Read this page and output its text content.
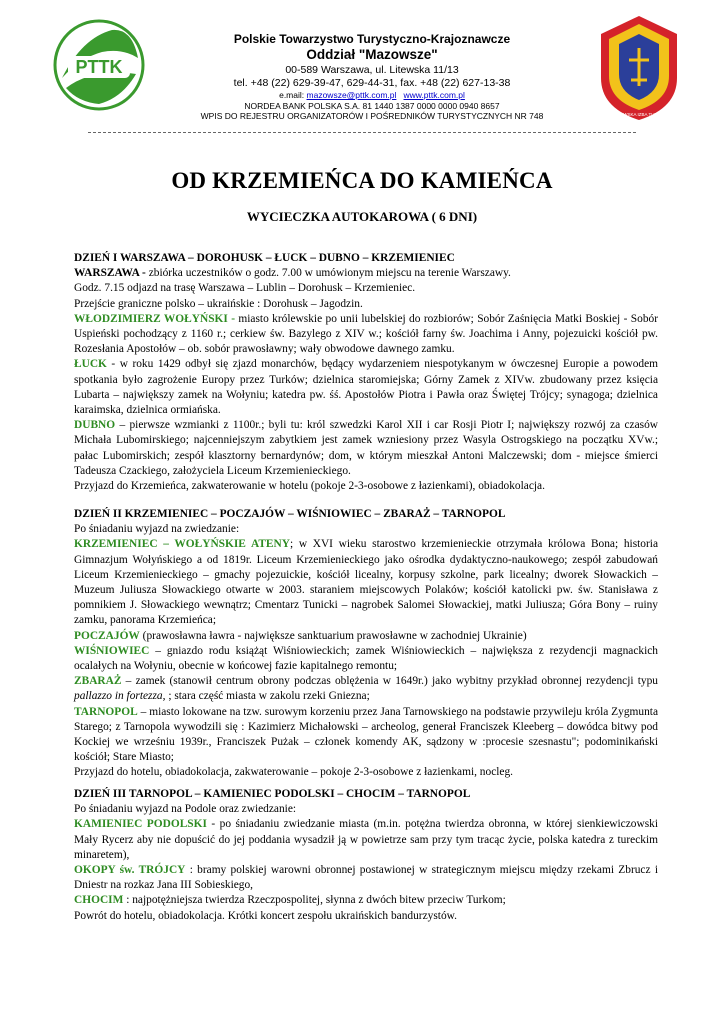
PTTK
WARSZAWSKA IZBA TURYSTYKI
Polskie Towarzystwo Turystyczno-Krajoznawcze
Oddział "Mazowsze"
00-589 Warszawa, ul. Litewska 11/13
tel. +48 (22) 629-39-47, 629-44-31, fax. +48 (22) 627-13-38
e.mail: mazowsze@pttk.com.pl www.pttk.com.pl
NORDEA BANK POLSKA S.A. 81 1440 1387 0000 0000 0940 8657
WPIS DO REJESTRU ORGANIZATORÓW I POŚREDNIKÓW TURYSTYCZNYCH NR 748
OD KRZEMIEŃCA DO KAMIEŃCA
WYCIECZKA AUTOKAROWA ( 6 DNI)

DZIEŃ I WARSZAWA – DOROHUSK – ŁUCK – DUBNO – KRZEMIENIEC

WARSZAWA - zbiórka uczestników o godz. 7.00 w umówionym miejscu na terenie Warszawy.

Godz. 7.15 odjazd na trasę Warszawa – Lublin – Dorohusk – Krzemieniec.

Przejście graniczne polsko – ukraińskie : Dorohusk – Jagodzin.

WŁODZIMIERZ WOŁYŃSKI - miasto królewskie po unii lubelskiej do rozbiorów; Sobór Zaśnięcia Matki Boskiej - Sobór Uspieński pochodzący z 1160 r.; cerkiew św. Bazylego z XIV w.; kościół farny św. Joachima i Anny, pojezuicki kościół pw. Rozesłania Apostołów – ob. sobór prawosławny; wały obwodowe dawnego zamku.

ŁUCK - w roku 1429 odbył się zjazd monarchów, będący wydarzeniem niespotykanym w ówczesnej Europie a powodem spotkania było zagrożenie Europy przez Turków; dzielnica staromiejska; Górny Zamek z XIVw. zbudowany przez księcia Lubarta – największy zamek na Wołyniu; katedra pw. śś. Apostołów Piotra i Pawła oraz Świętej Trójcy; synagoga; dzielnica karaimska, dzielnica ormiańska.

DUBNO – pierwsze wzmianki z 1100r.; byli tu: król szwedzki Karol XII i car Rosji Piotr I; największy rozwój za czasów Michała Lubomirskiego; najcenniejszym zabytkiem jest zamek wzniesiony przez Wasyla Ostrogskiego na początku XVw.; pałac Lubomirskich; zespół klasztorny bernardynów; dom, w którym mieszkał Antoni Malczewski; dom - miejsce śmierci Tadeusza Czackiego, założyciela Liceum Krzemienieckiego.

Przyjazd do Krzemieńca, zakwaterowanie w hotelu (pokoje 2-3-osobowe z łazienkami), obiadokolacja.

DZIEŃ II KRZEMIENIEC – POCZAJÓW – WIŚNIOWIEC – ZBARAŻ – TARNOPOL

Po śniadaniu wyjazd na zwiedzanie:

KRZEMIENIEC – WOŁYŃSKIE ATENY; w XVI wieku starostwo krzemienieckie otrzymała królowa Bona; historia Gimnazjum Wołyńskiego a od 1819r. Liceum Krzemienieckiego jako ośrodka dydaktyczno-naukowego; zespół zabudowań Liceum Krzemienieckiego – gmachy pojezuickie, kościół licealny, korpusy szkolne, park licealny; dworek Słowackich – Muzeum Juliusza Słowackiego otwarte w 2003. staraniem miejscowych Polaków; kościół katolicki pw. św. Stanisława z pomnikiem J. Słowackiego wewnątrz; Cmentarz Tunicki – nagrobek Salomei Słowackiej, matki Juliusza; Góra Bony – ruiny zamku, panorama Krzemieńca;

POCZAJÓW (prawosławna ławra - największe sanktuarium prawosławne w zachodniej Ukrainie)

WIŚNIOWIEC – gniazdo rodu książąt Wiśniowieckich; zamek Wiśniowieckich – największa z rezydencji magnackich ocalałych na Wołyniu, obecnie w końcowej fazie kapitalnego remontu;

ZBARAŻ – zamek (stanowił centrum obrony podczas oblężenia w 1649r.) jako wybitny przykład obronnej rezydencji typu pallazzo in fortezza, ; stara część miasta w zakolu rzeki Gniezna;

TARNOPOL – miasto lokowane na tzw. surowym korzeniu przez Jana Tarnowskiego na podstawie przywileju króla Zygmunta Starego; z Tarnopola wywodzili się : Kazimierz Michałowski – archeolog, generał Franciszek Kleeberg – dowódca bitwy pod Kockiej we wrześniu 1939r., Franciszek Pużak – członek komendy AK, sądzony w :procesie szesnastu"; podominikański kościół; Stare Miasto;

Przyjazd do hotelu, obiadokolacja, zakwaterowanie – pokoje 2-3-osobowe z łazienkami, nocleg.

DZIEŃ III TARNOPOL – KAMIENIEC PODOLSKI – CHOCIM – TARNOPOL

Po śniadaniu wyjazd na Podole oraz zwiedzanie:

KAMIENIEC PODOLSKI - po śniadaniu zwiedzanie miasta (m.in. potężna twierdza obronna, w której sienkiewiczowski Mały Rycerz aby nie dopuścić do jej poddania wysadził ją w powietrze sam przy tym tracąc życie, polska katedra z tureckim minaretem),

OKOPY św. TRÓJCY : bramy polskiej warowni obronnej postawionej w strategicznym miejscu między rzekami Zbrucz i Dniestr na rozkaz Jana III Sobieskiego,

CHOCIM : najpotężniejsza twierdza Rzeczpospolitej, słynna z dwóch bitew przeciw Turkom;

Powrót do hotelu, obiadokolacja. Krótki koncert zespołu ukraińskich bandurzystów.
